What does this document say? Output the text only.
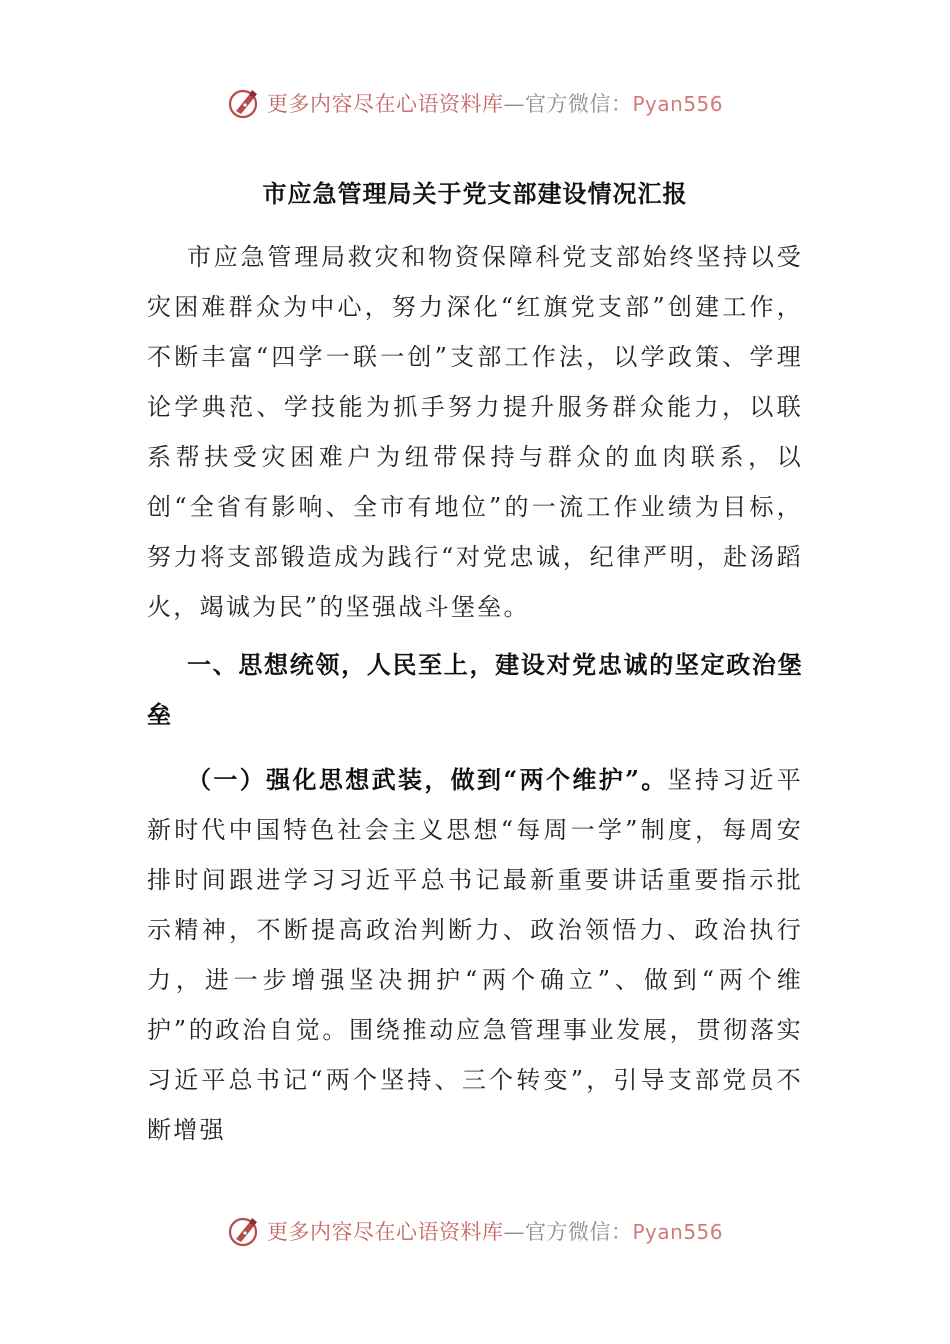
更多内容尽在心语资料库—官方微信：Pyan556
市应急管理局关于党支部建设情况汇报

市应急管理局救灾和物资保障科党支部始终坚持以受灾困难群众为中心，努力深化“红旗党支部”创建工作，不断丰富“四学一联一创”支部工作法，以学政策、学理论学典范、学技能为抓手努力提升服务群众能力，以联系帮扶受灾困难户为纽带保持与群众的血肉联系，以创“全省有影响、全市有地位”的一流工作业绩为目标，努力将支部锻造成为践行“对党忠诚，纪律严明，赴汤蹈火，竭诚为民”的坚强战斗堡垒。

一、思想统领，人民至上，建设对党忠诚的坚定政治堡垒

（一）强化思想武装，做到“两个维护”。坚持习近平新时代中国特色社会主义思想“每周一学”制度，每周安排时间跟进学习习近平总书记最新重要讲话重要指示批示精神，不断提高政治判断力、政治领悟力、政治执行力，进一步增强坚决拥护“两个确立”、做到“两个维护”的政治自觉。围绕推动应急管理事业发展，贯彻落实习近平总书记“两个坚持、三个转变”，引导支部党员不断增强

更多内容尽在心语资料库—官方微信：Pyan556
